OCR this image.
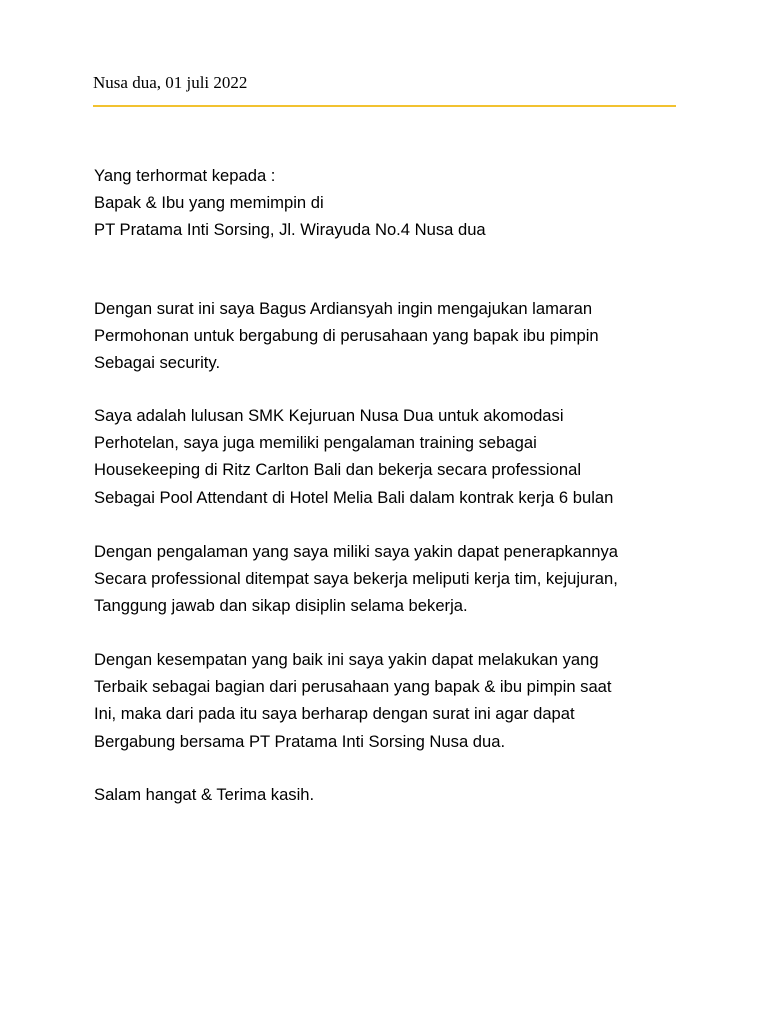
Nusa dua, 01 juli 2022
Yang terhormat kepada :
Bapak & Ibu yang memimpin di
PT Pratama Inti Sorsing, Jl. Wirayuda No.4 Nusa dua
Dengan surat ini saya Bagus Ardiansyah ingin mengajukan lamaran
Permohonan untuk bergabung di perusahaan yang bapak ibu pimpin
Sebagai security.
Saya adalah lulusan SMK Kejuruan Nusa Dua untuk akomodasi
Perhotelan, saya juga memiliki pengalaman training sebagai
Housekeeping di Ritz Carlton Bali dan bekerja secara professional
Sebagai Pool Attendant di Hotel Melia Bali dalam kontrak kerja 6 bulan
Dengan pengalaman yang saya miliki saya yakin dapat penerapkannya
Secara professional ditempat saya bekerja meliputi kerja tim, kejujuran,
Tanggung jawab dan sikap disiplin selama bekerja.
Dengan kesempatan yang baik ini saya yakin dapat melakukan yang
Terbaik sebagai bagian dari perusahaan yang bapak & ibu pimpin saat
Ini, maka dari pada itu saya berharap dengan surat ini agar dapat
Bergabung bersama PT Pratama Inti Sorsing Nusa dua.
Salam hangat & Terima kasih.
